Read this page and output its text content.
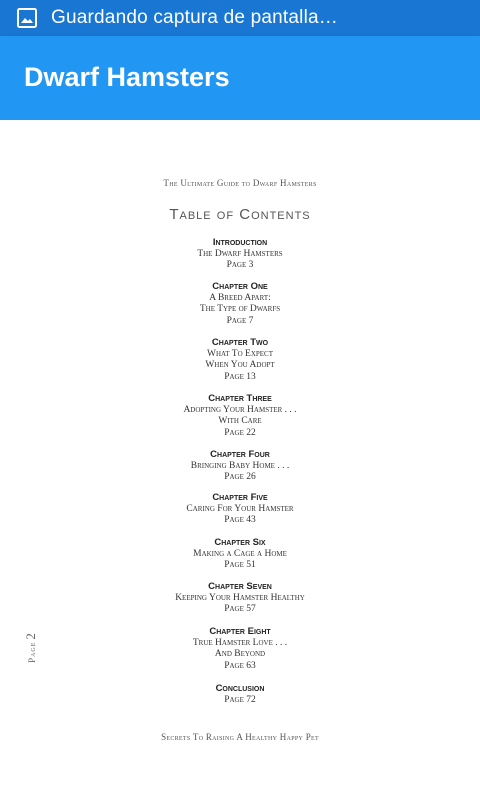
Guardando captura de pantalla…
Dwarf Hamsters
The Ultimate Guide to Dwarf Hamsters
Table of Contents
Introduction
The Dwarf Hamsters
Page 3
Chapter One
A Breed Apart:
The Type of Dwarfs
Page 7
Chapter Two
What To Expect
When You Adopt
Page 13
Chapter Three
Adopting Your Hamster . . .
With Care
Page 22
Chapter Four
Bringing Baby Home . . .
Page 26
Chapter Five
Caring For Your Hamster
Page 43
Chapter Six
Making a Cage a Home
Page 51
Chapter Seven
Keeping Your Hamster Healthy
Page 57
Chapter Eight
True Hamster Love . . .
And Beyond
Page 63
Conclusion
Page 72
Secrets To Raising A Healthy Happy Pet
Page2
